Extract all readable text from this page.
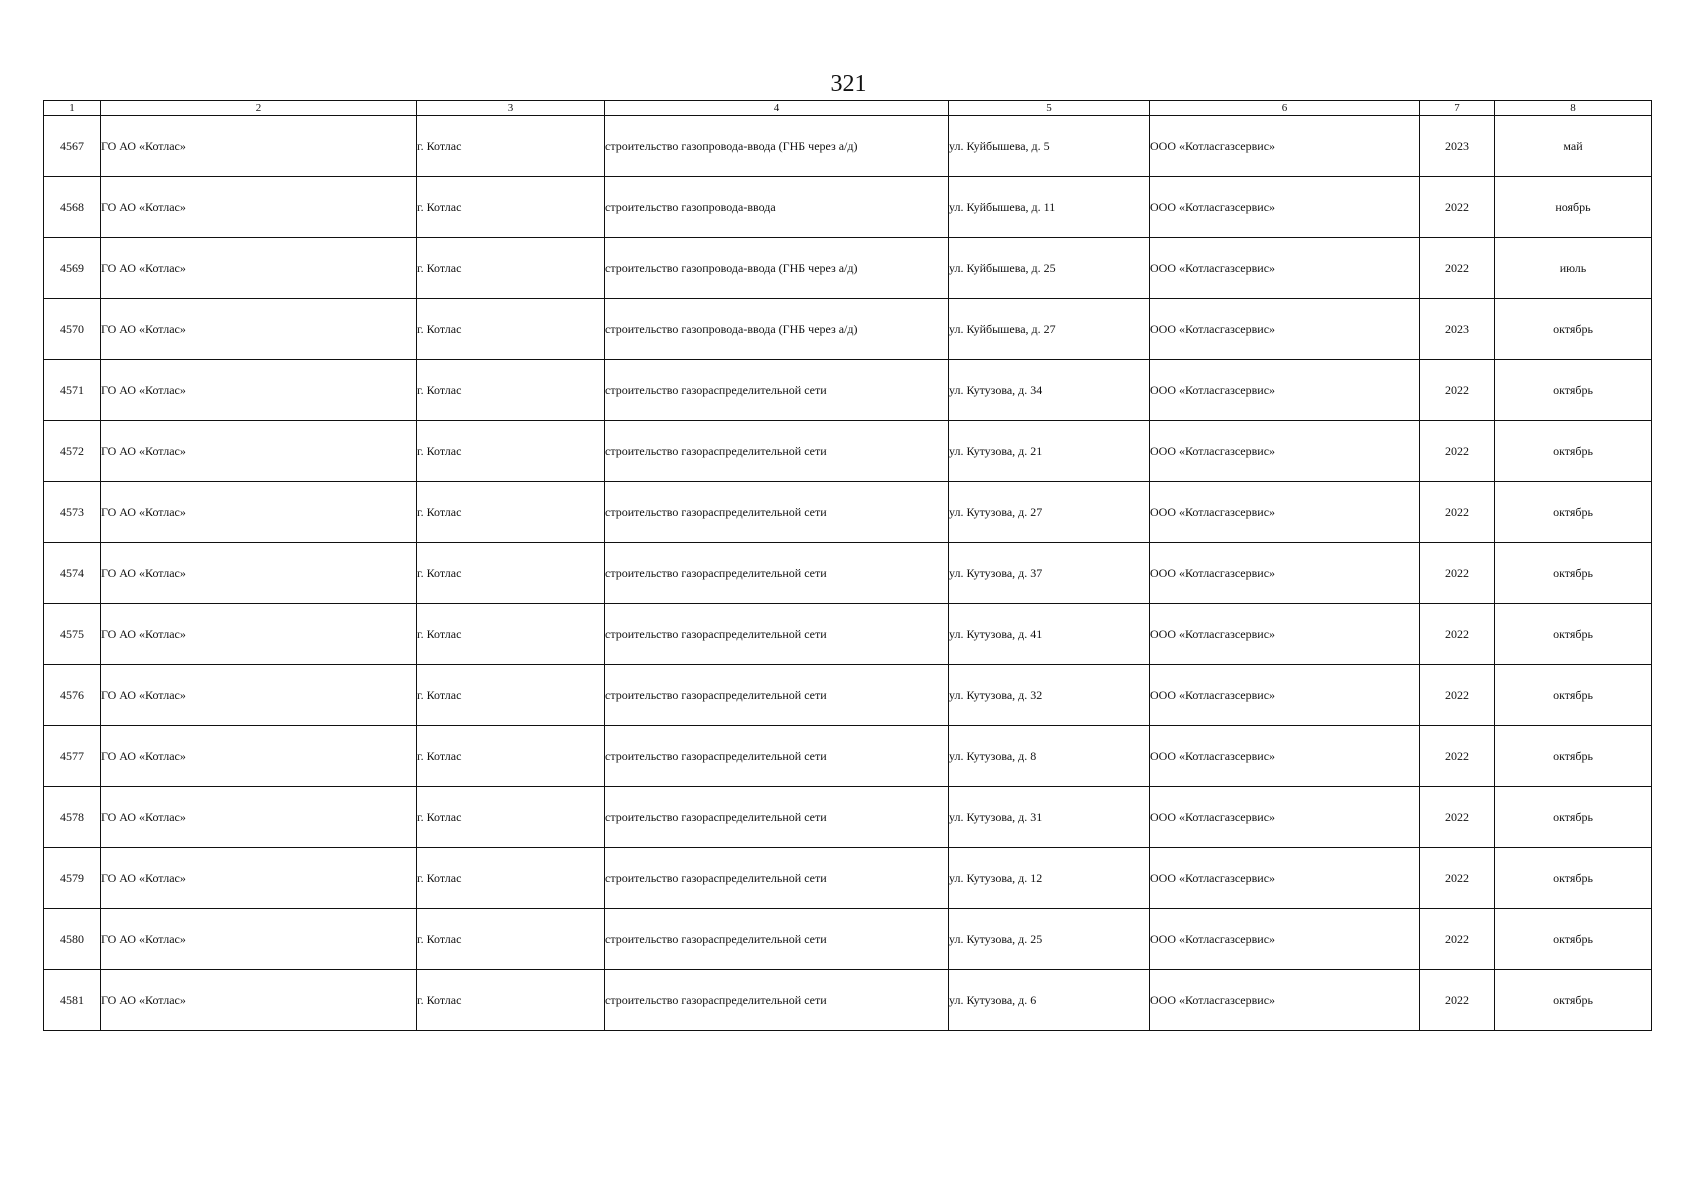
321
1	2	3	4	5	6	7	8
4567	ГО АО «Котлас»	г. Котлас	строительство газопровода-ввода (ГНБ через а/д)	ул. Куйбышева, д. 5	ООО «Котласгазсервис»	2023	май
4568	ГО АО «Котлас»	г. Котлас	строительство газопровода-ввода	ул. Куйбышева, д. 11	ООО «Котласгазсервис»	2022	ноябрь
4569	ГО АО «Котлас»	г. Котлас	строительство газопровода-ввода (ГНБ через а/д)	ул. Куйбышева, д. 25	ООО «Котласгазсервис»	2022	июль
4570	ГО АО «Котлас»	г. Котлас	строительство газопровода-ввода (ГНБ через а/д)	ул. Куйбышева, д. 27	ООО «Котласгазсервис»	2023	октябрь
4571	ГО АО «Котлас»	г. Котлас	строительство газораспределительной сети	ул. Кутузова, д. 34	ООО «Котласгазсервис»	2022	октябрь
4572	ГО АО «Котлас»	г. Котлас	строительство газораспределительной сети	ул. Кутузова, д. 21	ООО «Котласгазсервис»	2022	октябрь
4573	ГО АО «Котлас»	г. Котлас	строительство газораспределительной сети	ул. Кутузова, д. 27	ООО «Котласгазсервис»	2022	октябрь
4574	ГО АО «Котлас»	г. Котлас	строительство газораспределительной сети	ул. Кутузова, д. 37	ООО «Котласгазсервис»	2022	октябрь
4575	ГО АО «Котлас»	г. Котлас	строительство газораспределительной сети	ул. Кутузова, д. 41	ООО «Котласгазсервис»	2022	октябрь
4576	ГО АО «Котлас»	г. Котлас	строительство газораспределительной сети	ул. Кутузова, д. 32	ООО «Котласгазсервис»	2022	октябрь
4577	ГО АО «Котлас»	г. Котлас	строительство газораспределительной сети	ул. Кутузова, д. 8	ООО «Котласгазсервис»	2022	октябрь
4578	ГО АО «Котлас»	г. Котлас	строительство газораспределительной сети	ул. Кутузова, д. 31	ООО «Котласгазсервис»	2022	октябрь
4579	ГО АО «Котлас»	г. Котлас	строительство газораспределительной сети	ул. Кутузова, д. 12	ООО «Котласгазсервис»	2022	октябрь
4580	ГО АО «Котлас»	г. Котлас	строительство газораспределительной сети	ул. Кутузова, д. 25	ООО «Котласгазсервис»	2022	октябрь
4581	ГО АО «Котлас»	г. Котлас	строительство газораспределительной сети	ул. Кутузова, д. 6	ООО «Котласгазсервис»	2022	октябрь
